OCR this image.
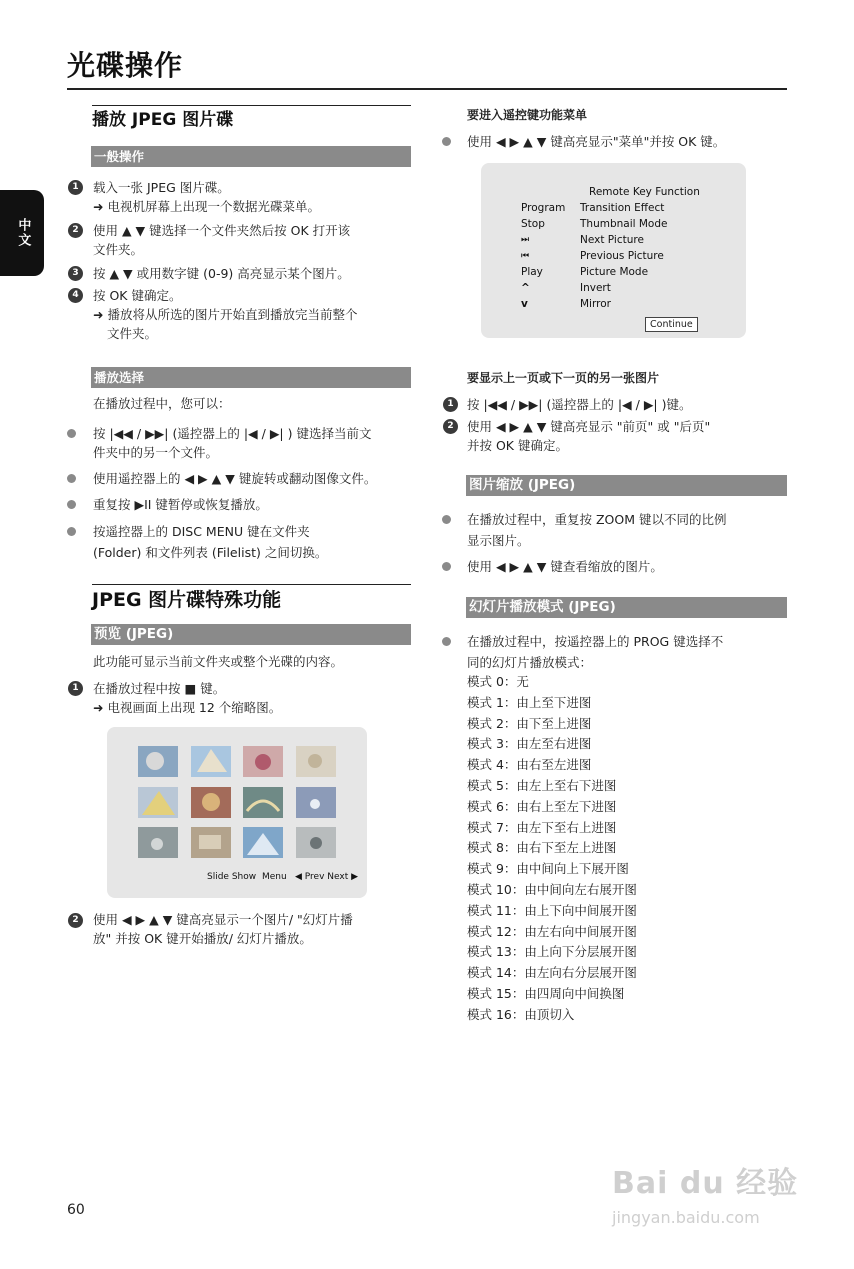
光碟操作
中文
播放 JPEG 图片碟
一般操作
1	载入一张 JPEG 图片碟。
➜ 电视机屏幕上出现一个数据光碟菜单。
2	使用 ▲ ▼ 键选择一个文件夹然后按 OK 打开该
文件夹。
3	按 ▲ ▼ 或用数字键 (0-9) 高亮显示某个图片。
4	按 OK 键确定。
➜ 播放将从所选的图片开始直到播放完当前整个
文件夹。
播放选择
在播放过程中，您可以：
按 |◀◀ / ▶▶| (遥控器上的 |◀ / ▶| ) 键选择当前文
件夹中的另一个文件。
使用遥控器上的 ◀ ▶ ▲ ▼ 键旋转或翻动图像文件。
重复按 ▶II 键暂停或恢复播放。
按遥控器上的 DISC MENU 键在文件夹
(Folder) 和文件列表 (Filelist) 之间切换。
JPEG 图片碟特殊功能
预览 (JPEG)
此功能可显示当前文件夹或整个光碟的内容。
1	在播放过程中按 ■ 键。
➜ 电视画面上出现 12 个缩略图。
Slide Show Menu ◀ Prev Next ▶
2	使用 ◀ ▶ ▲ ▼ 键高亮显示一个图片/ "幻灯片播
放" 并按 OK 键开始播放/ 幻灯片播放。
要进入遥控键功能菜单
使用 ◀ ▶ ▲ ▼ 键高亮显示"菜单"并按 OK 键。
Remote Key Function
Program Transition Effect
Stop	Thumbnail Mode
⏭	Next Picture
⏮	Previous Picture
Play	Picture Mode
^	Invert
v	Mirror
Continue
要显示上一页或下一页的另一张图片
1	按 |◀◀ / ▶▶| (遥控器上的 |◀ / ▶| )键。
2	使用 ◀ ▶ ▲ ▼ 键高亮显示 "前页" 或 "后页"
并按 OK 键确定。
图片缩放 (JPEG)
在播放过程中，重复按 ZOOM 键以不同的比例
显示图片。
使用 ◀ ▶ ▲ ▼ 键查看缩放的图片。
幻灯片播放模式 (JPEG)
在播放过程中，按遥控器上的 PROG 键选择不
同的幻灯片播放模式：
模式 0：无
模式 1：由上至下进图
模式 2：由下至上进图
模式 3：由左至右进图
模式 4：由右至左进图
模式 5：由左上至右下进图
模式 6：由右上至左下进图
模式 7：由左下至右上进图
模式 8：由右下至左上进图
模式 9：由中间向上下展开图
模式 10：由中间向左右展开图
模式 11：由上下向中间展开图
模式 12：由左右向中间展开图
模式 13：由上向下分层展开图
模式 14：由左向右分层展开图
模式 15：由四周向中间换图
模式 16：由顶切入
60
Bai du 经验
jingyan.baidu.com
